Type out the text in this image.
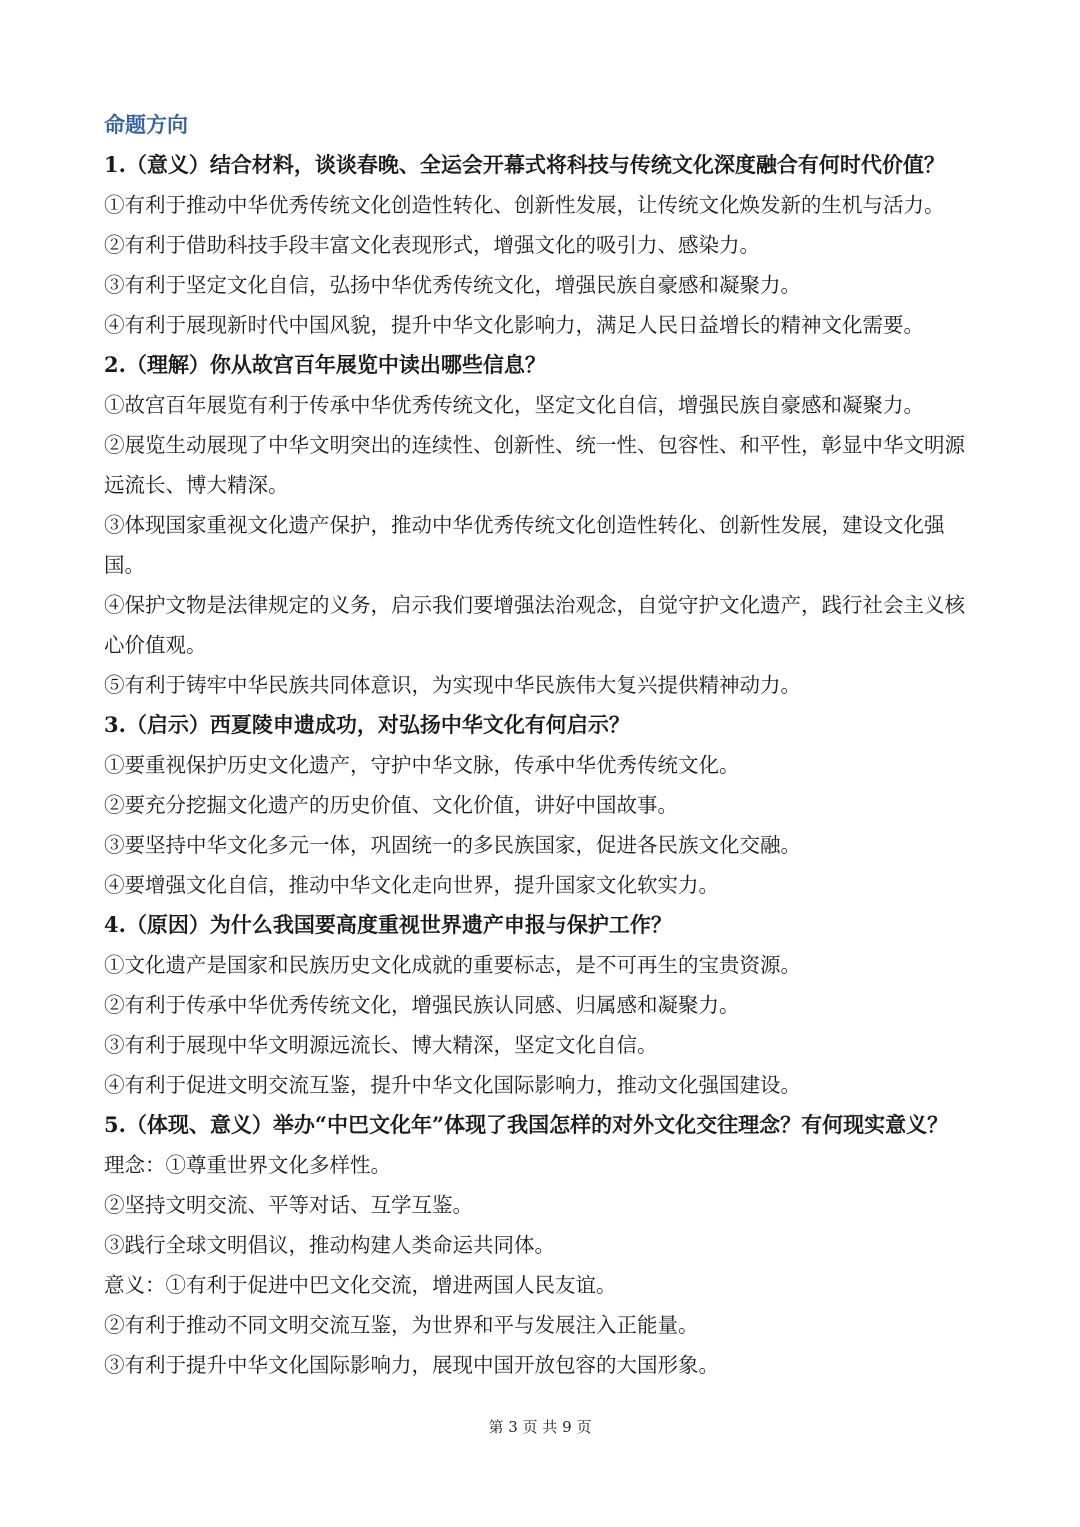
命题方向
1.（意义）结合材料，谈谈春晚、全运会开幕式将科技与传统文化深度融合有何时代价值？
①有利于推动中华优秀传统文化创造性转化、创新性发展，让传统文化焕发新的生机与活力。
②有利于借助科技手段丰富文化表现形式，增强文化的吸引力、感染力。
③有利于坚定文化自信，弘扬中华优秀传统文化，增强民族自豪感和凝聚力。
④有利于展现新时代中国风貌，提升中华文化影响力，满足人民日益增长的精神文化需要。
2.（理解）你从故宫百年展览中读出哪些信息？
①故宫百年展览有利于传承中华优秀传统文化，坚定文化自信，增强民族自豪感和凝聚力。
②展览生动展现了中华文明突出的连续性、创新性、统一性、包容性、和平性，彰显中华文明源远流长、博大精深。
③体现国家重视文化遗产保护，推动中华优秀传统文化创造性转化、创新性发展，建设文化强国。
④保护文物是法律规定的义务，启示我们要增强法治观念，自觉守护文化遗产，践行社会主义核心价值观。
⑤有利于铸牢中华民族共同体意识，为实现中华民族伟大复兴提供精神动力。
3.（启示）西夏陵申遗成功，对弘扬中华文化有何启示？
①要重视保护历史文化遗产，守护中华文脉，传承中华优秀传统文化。
②要充分挖掘文化遗产的历史价值、文化价值，讲好中国故事。
③要坚持中华文化多元一体，巩固统一的多民族国家，促进各民族文化交融。
④要增强文化自信，推动中华文化走向世界，提升国家文化软实力。
4.（原因）为什么我国要高度重视世界遗产申报与保护工作？
①文化遗产是国家和民族历史文化成就的重要标志，是不可再生的宝贵资源。
②有利于传承中华优秀传统文化，增强民族认同感、归属感和凝聚力。
③有利于展现中华文明源远流长、博大精深，坚定文化自信。
④有利于促进文明交流互鉴，提升中华文化国际影响力，推动文化强国建设。
5.（体现、意义）举办“中巴文化年”体现了我国怎样的对外文化交往理念？有何现实意义？
理念：①尊重世界文化多样性。
②坚持文明交流、平等对话、互学互鉴。
③践行全球文明倡议，推动构建人类命运共同体。
意义：①有利于促进中巴文化交流，增进两国人民友谊。
②有利于推动不同文明交流互鉴，为世界和平与发展注入正能量。
③有利于提升中华文化国际影响力，展现中国开放包容的大国形象。
第 3 页 共 9 页
